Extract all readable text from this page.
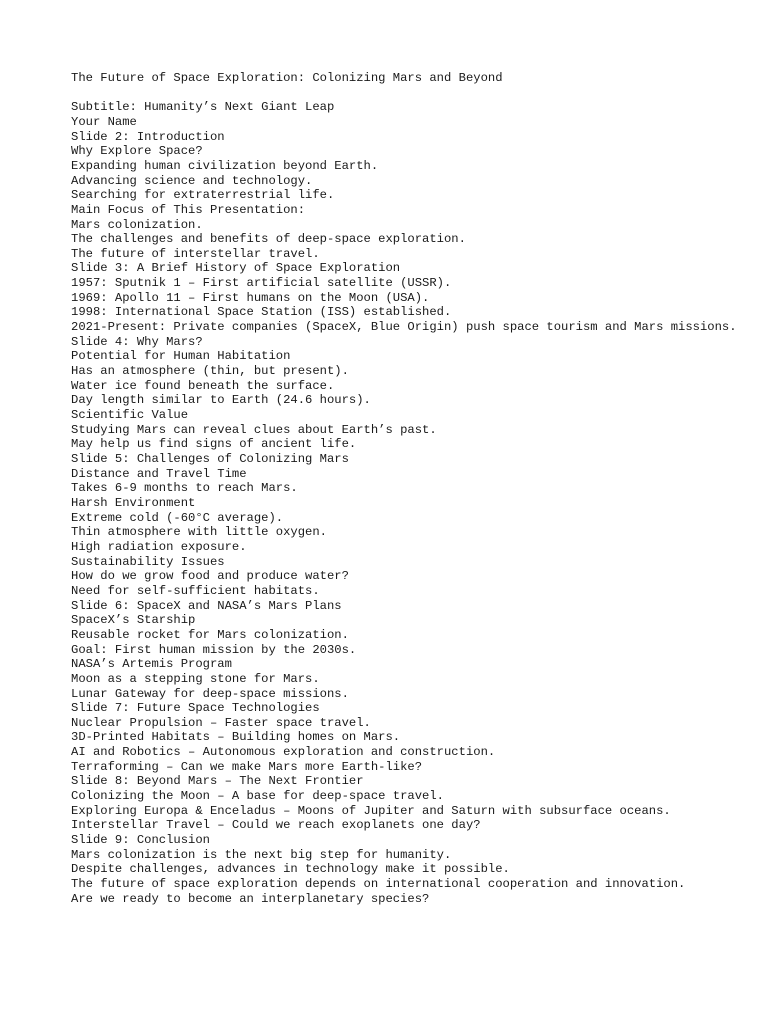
The Future of Space Exploration: Colonizing Mars and Beyond

Subtitle: Humanity’s Next Giant Leap

Your Name

Slide 2: Introduction

Why Explore Space?

Expanding human civilization beyond Earth.

Advancing science and technology.

Searching for extraterrestrial life.

Main Focus of This Presentation:

Mars colonization.

The challenges and benefits of deep-space exploration.

The future of interstellar travel.

Slide 3: A Brief History of Space Exploration

1957: Sputnik 1 – First artificial satellite (USSR).

1969: Apollo 11 – First humans on the Moon (USA).

1998: International Space Station (ISS) established.

2021-Present: Private companies (SpaceX, Blue Origin) push space tourism and Mars missions.

Slide 4: Why Mars?

Potential for Human Habitation

Has an atmosphere (thin, but present).

Water ice found beneath the surface.

Day length similar to Earth (24.6 hours).

Scientific Value

Studying Mars can reveal clues about Earth’s past.

May help us find signs of ancient life.

Slide 5: Challenges of Colonizing Mars

Distance and Travel Time

Takes 6-9 months to reach Mars.

Harsh Environment

Extreme cold (-60°C average).

Thin atmosphere with little oxygen.

High radiation exposure.

Sustainability Issues

How do we grow food and produce water?

Need for self-sufficient habitats.

Slide 6: SpaceX and NASA’s Mars Plans

SpaceX’s Starship

Reusable rocket for Mars colonization.

Goal: First human mission by the 2030s.

NASA’s Artemis Program

Moon as a stepping stone for Mars.

Lunar Gateway for deep-space missions.

Slide 7: Future Space Technologies

Nuclear Propulsion – Faster space travel.

3D-Printed Habitats – Building homes on Mars.

AI and Robotics – Autonomous exploration and construction.

Terraforming – Can we make Mars more Earth-like?

Slide 8: Beyond Mars – The Next Frontier

Colonizing the Moon – A base for deep-space travel.

Exploring Europa & Enceladus – Moons of Jupiter and Saturn with subsurface oceans.

Interstellar Travel – Could we reach exoplanets one day?

Slide 9: Conclusion

Mars colonization is the next big step for humanity.

Despite challenges, advances in technology make it possible.

The future of space exploration depends on international cooperation and innovation.

Are we ready to become an interplanetary species?
